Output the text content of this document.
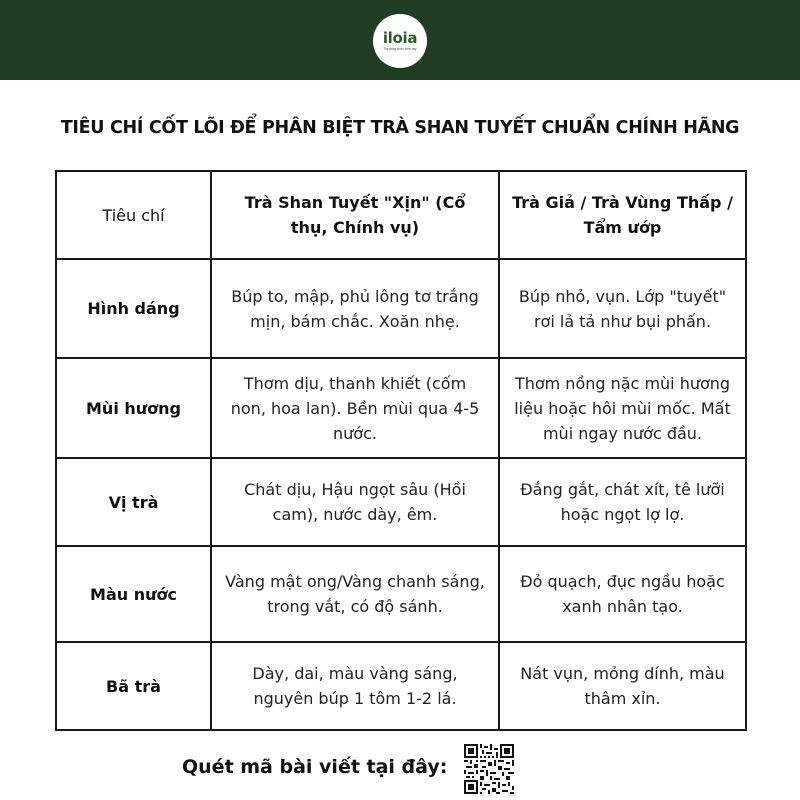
iloia
Thưởng thức trên tay
TIÊU CHÍ CỐT LÕI ĐỂ PHÂN BIỆT TRÀ SHAN TUYẾT CHUẨN CHÍNH HÃNG
Tiêu chí	Trà Shan Tuyết "Xịn" (Cổ thụ, Chính vụ)	Trà Giả / Trà Vùng Thấp / Tẩm ướp
Hình dáng	Búp to, mập, phủ lông tơ trắng mịn, bám chắc. Xoăn nhẹ.	Búp nhỏ, vụn. Lớp "tuyết" rơi lả tả như bụi phấn.
Mùi hương	Thơm dịu, thanh khiết (cốm non, hoa lan). Bền mùi qua 4-5 nước.	Thơm nồng nặc mùi hương liệu hoặc hôi mùi mốc. Mất mùi ngay nước đầu.
Vị trà	Chát dịu, Hậu ngọt sâu (Hồi cam), nước dày, êm.	Đắng gắt, chát xít, tê lưỡi hoặc ngọt lợ lợ.
Màu nước	Vàng mật ong/Vàng chanh sáng, trong vắt, có độ sánh.	Đỏ quạch, đục ngầu hoặc xanh nhân tạo.
Bã trà	Dày, dai, màu vàng sáng, nguyên búp 1 tôm 1-2 lá.	Nát vụn, mỏng dính, màu thâm xỉn.
Quét mã bài viết tại đây:
